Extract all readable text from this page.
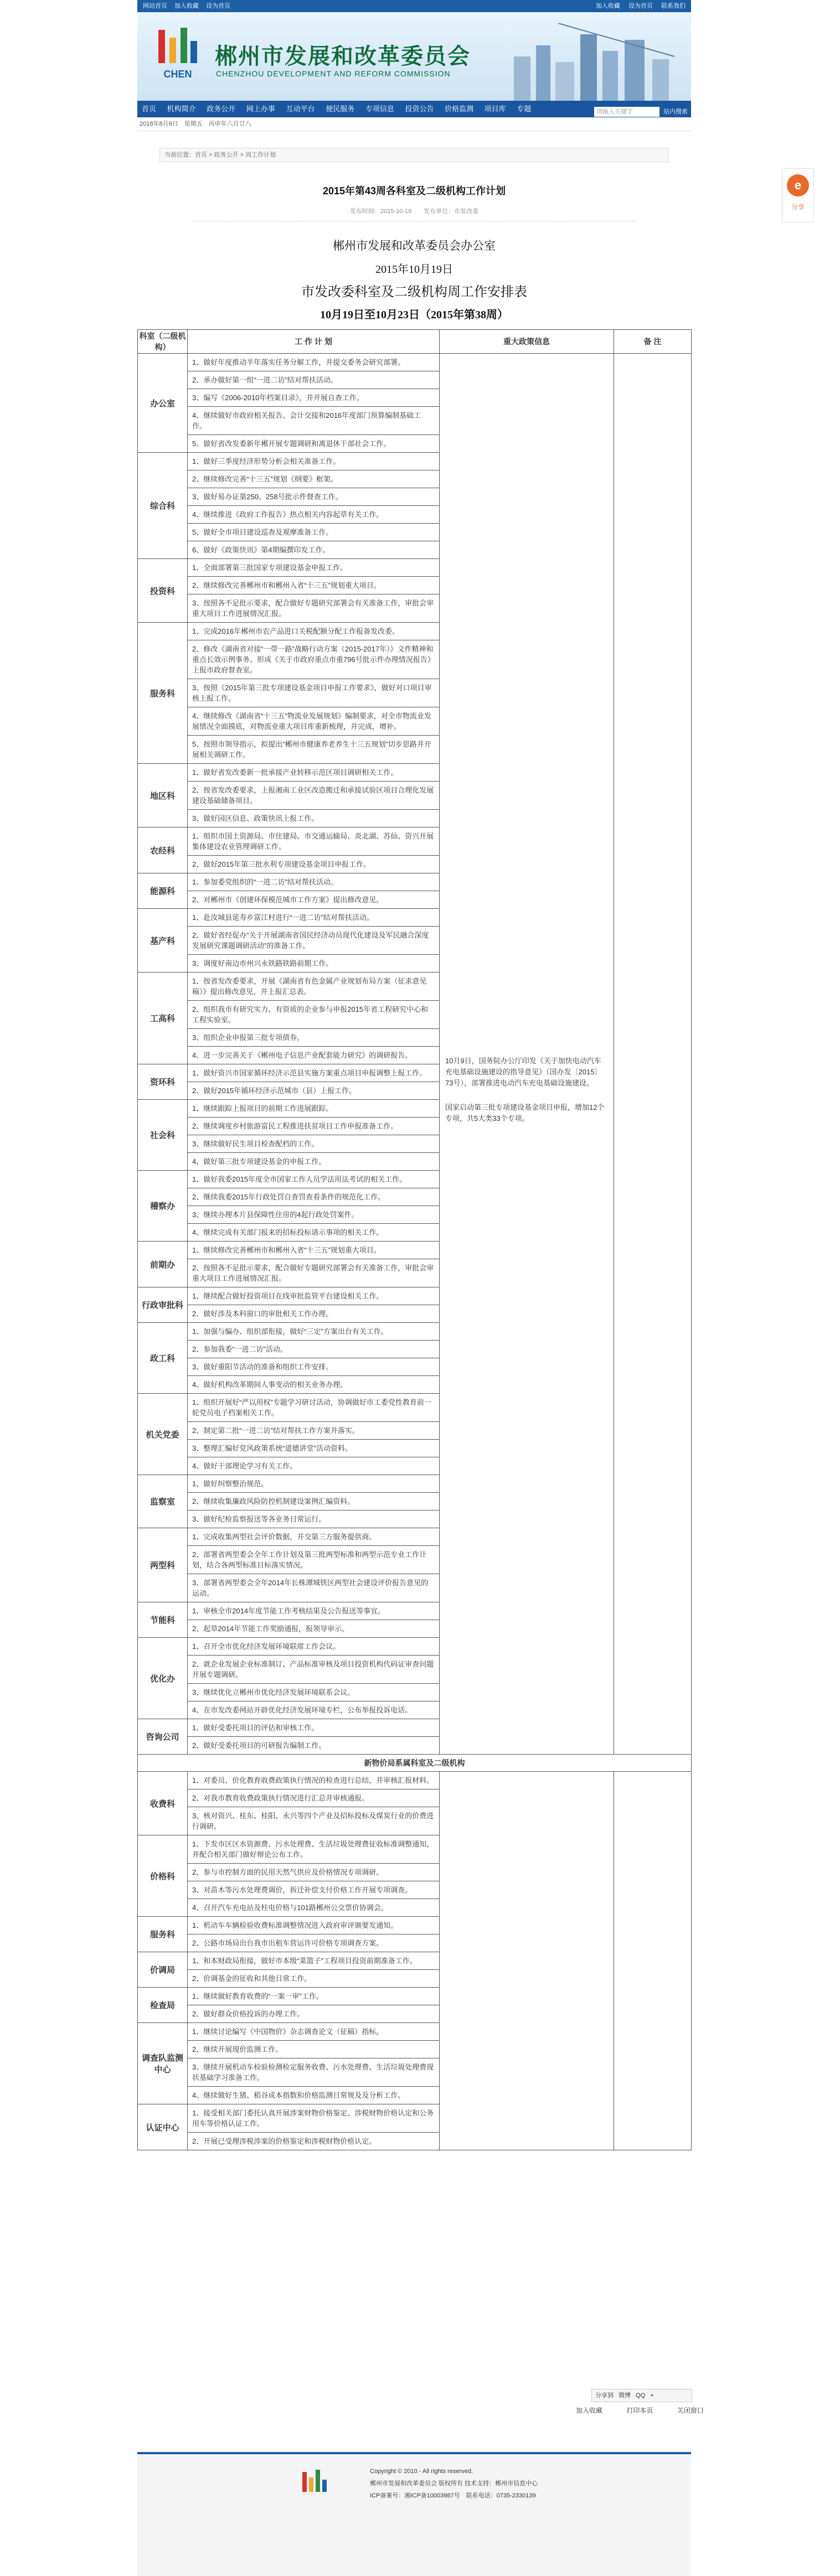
网站首页 加入收藏 设为首页	加入收藏 设为首页 联系我们
CHEN
郴州市发展和改革委员会
CHENZHOU DEVELOPMENT AND REFORM COMMISSION
首页 机构简介 政务公开 网上办事 互动平台 便民服务 专项信息 投资公告 价格监测 项目库 专题	请输入关键字	站内搜索
2018年8月6日　星期五　丙申年六月廿八
当前位置：首页 > 政务公开 > 周工作计划
2015年第43周各科室及二级机构工作计划
发布时间：2015-10-19　　发布单位：市发改委
郴州市发展和改革委员会办公室
2015年10月19日
市发改委科室及二级机构周工作安排表
10月19日至10月23日（2015年第38周）
科室（二级机构）	工 作 计 划	重大政策信息	备 注
办公室	1、做好年度推动半年落实任务分解工作，并提交委务会研究部署。	10月9日，国务院办公厅印发《关于加快电动汽车充电基础设施建设的指导意见》（国办发〔2015〕73号），部署推进电动汽车充电基础设施建设。
国家启动第三批专项建设基金项目申报，增加12个专项，共5大类33个专项。	

	2、承办做好第一组“一进二访”结对帮扶活动。		
	3、编写《2006-2010年档案目录》，并开展自查工作。		
	4、继续做好市政府相关报告、会计交接和2016年度部门预算编制基础工作。		
	5、做好省改发委新年郴开展专题调研和离退休干部社会工作。		
综合科	1、做好三季度经济形势分析会相关准备工作。		
	2、继续修改完善“十三五”规划《纲要》框架。		
	3、做好易办证第250、258号批示件督查工作。		
	4、继续推进《政府工作报告》热点相关内容起草有关工作。		
	5、做好全市项目建设巡查及观摩准备工作。		
	6、做好《政策快讯》第4期编撰印发工作。		
投资科	1、全面部署第三批国家专项建设基金申报工作。		
	2、继续修改完善郴州市和郴州入省“十三五”规划重大项目。		
	3、按照各不足批示要求，配合做好专题研究部署会有关准备工作，审批会审重大项目工作进展情况汇报。		
服务科	1、完成2016年郴州市农产品进口关税配额分配工作报备发改委。		
	2、修改《湖南省对接“一带一路”战略行动方案（2015-2017年）》文件精神和重点长效示例事务。形成《关于市政府重点市重796号批示件办理情况报告》上报市政府督查室。		
	3、按照《2015年第三批专项建设基金项目申报工作要求》，做好对口项目审核上报工作。		
	4、继续修改《湖南省“十三五”物流业发展规划》编制要求，对全市物流业发展情况全面摸底，对物流业重大项目库重新梳理，并完成，增补。		
	5、按照市领导指示，拟提出“郴州市健康养老养生十三五规划”切步思路并开展相关调研工作。		
地区科	1、做好省发改委新一批承接产业转移示范区项目调研相关工作。		
	2、按省发改委要求，上报湘南工业区改造搬迁和承接试验区项目合理化发展建设基础储备项目。		
	3、做好园区信息、政策快讯上报工作。		
农经科	1、组织市国土资源局、市住建局、市交通运输局、炎北湖、苏仙、资兴开展集体建设农业管理调研工作。		
	2、做好2015年第三批水利专项建设基金项目申报工作。		
能源科	1、参加委党组织的“一进二访”结对帮扶活动。		
	2、对郴州市《创建环保模范城市工作方案》提出修改意见。		
基产科	1、赴汝城县延寿乡富江村进行“一进二访”结对帮扶活动。		
	2、做好省经促办“关于开展湖南省国民经济动员现代化建设及军民融合深度发展研究课题调研活动”的准备工作。		
	3、调度好南边市州兴永铁路铁路前期工作。		
工高科	1、按省发改委要求，开展《湖南省有色金属产业规划布局方案（征求意见稿）》提出修改意见，并上报汇总表。		
	2、组织我市有研究实力、有资质的企业参与申报2015年省工程研究中心和工程实验室。		
	3、组织企业申报第三批专项债券。		
	4、进一步完善关于《郴州电子信息产业配套能力研究》的调研报告。		
资环科	1、做好资兴市国家循环经济示范县实施方案重点项目申报调整上报工作。		
	2、做好2015年循环经济示范城市（县）上报工作。		
社会科	1、继续跟踪上报项目的前期工作进展跟踪。		
	2、继续调度乡村旅游富民工程推进扶贫项目工作申报准备工作。		
	3、继续做好民生项目检查配档的工作。		
	4、做好第三批专项建设基金的申报工作。		
稽察办	1、做好我委2015年度全市国家工作人员学法用法考试的相关工作。		
	2、继续我委2015年行政处罚自查罚查看条件的规范化工作。		
	3、继续办理本片县保障性住房的4起行政处罚案件。		
	4、继续完成有关部门报来的招标投标请示事项的相关工作。		
前期办	1、继续修改完善郴州市和郴州入省“十三五”规划重大项目。		
	2、按照各不足批示要求，配合做好专题研究部署会有关准备工作，审批会审重大项目工作进展情况汇报。		
行政审批科	1、继续配合做好投资项目在线审批监管平台建设相关工作。		
	2、做好涉及本科窗口的审批相关工作办理。		
政工科	1、加强与编办、组织部衔接，做好“三定”方案出台有关工作。		
	2、参加我委“一进二访”活动。		
	3、做好重阳节活动的准备和组织工作安排。		
	4、做好机构改革期间人事变动的相关业务办理。		
机关党委	1、组织开展好“严以用权”专题学习研讨活动，协调做好市工委党性教育前一轮党员电子档案相关工作。		
	2、制定第二批“一进二访”结对帮扶工作方案并落实。		
	3、整理汇编好党风政策系统“道德讲堂”活动资料。		
	4、做好干部理论学习有关工作。		
监察室	1、做好纠察整治规范。		
	2、继续收集廉政风险防控机制建设案例汇编资料。		
	3、做好纪检监察报送等各业务日常运行。		
两型科	1、完成收集两型社会评价数据，并交第三方服务提供商。		
	2、部署省两型委会全年工作计划及第三批两型标准和两型示范专业工作计划，结合各两型标准目标落实情况。		
	3、部署省两型委会全年2014年长株潭城铁区两型社会建设评价报告意见的运动。		
节能科	1、审核全市2014年度节能工作考核结果及公告报送等事宜。		
	2、起草2014年节能工作奖励通报，报领导审示。		
优化办	1、召开全市优化经济发展环境联席工作会议。		
	2、就企业发展企业标准制订、产品标准审核及项目投资机构代码证审查问题开展专题调研。		
	3、继续优化立郴州市优化经济发展环境联系会议。		
	4、在市发改委网站开辟优化经济发展环境专栏，公布举报投诉电话。		
咨询公司	1、做好受委托项目的评估和审核工作。		
	2、做好受委托项目的可研报告编制工作。		
新物价局系属科室及二级机构			
收费科	1、对委员、价化教育收费政策执行情况的检查进行总结，并审核汇报材料。		
	2、对我市教育收费政策执行情况进行汇总并审核通报。		
	3、核对资兴、桂东、桂阳、永兴等四个产业及招标投标及煤炭行业的价费进行调研。		
价格科	1、下发市区区水资源费、污水处理费、生活垃圾处理费征收标准调整通知，并配合相关部门做好辩论公布工作。		
	2、参与市控制方面的民用天然气供应及价格情况专项调研。		
	3、对苗木等污水处理费调价，拆迁补偿支付价格工作开展专项调查。		
	4、召开汽车充电站及柱电价格与101路郴州公交票价协调会。		
服务科	1、机动车车辆检验收费标准调整情况进入政府审评颁要发通知。		
	2、公路市场局出台我市出租车营运许可价格专项调查方案。		
价调局	1、和本财政局衔接，做好市本级“菜篮子”工程项目投资前期准备工作。		
	2、价调基金的征收和其他日常工作。		
检查局	1、继续做好教育收费的“一案一审”工作。		
	2、做好群众价格投诉的办理工作。		
调查队监测中心	1、继续讨论编写《中国物价》杂志调查论文（征稿）指标。		
	2、继续开展现价监测工作。		
	3、继续开展机动车检验检测检定服务收费、污水处理费、生活垃圾处理费现状基础学习准备工作。		
	4、继续做好生猪、稻谷成本指数和价格监测日常规及及分析工作。		
认证中心	1、接受相关部门委托认真开展涉案财物价格鉴定、涉税财物价格认定和公务用车等价格认证工作。		
	2、开展已受理涉税涉案的价格鉴定和涉税财物价格认定。		
e
分享
分享到 微博 QQ +
加入收藏	打印本页	关闭窗口
Copyright © 2010 - All rights reserved.
郴州市发展和改革委员会 版权所有 技术支持：郴州市信息中心
ICP备案号：湘ICP备10003987号　联系电话：0735-2330139
